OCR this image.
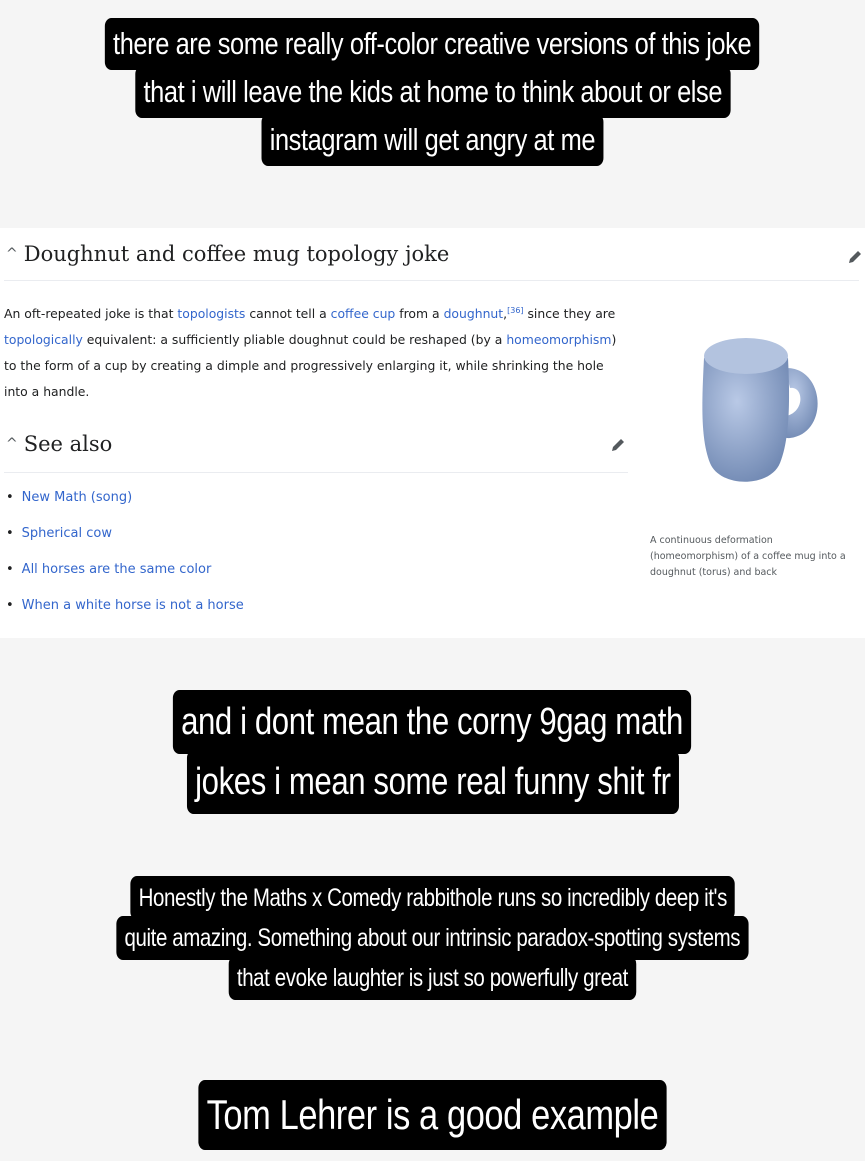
there are some really off-color creative versions of this joke
that i will leave the kids at home to think about or else
instagram will get angry at me
^ Doughnut and coffee mug topology joke
An oft-repeated joke is that topologists cannot tell a coffee cup from a doughnut,[36] since they are topologically equivalent: a sufficiently pliable doughnut could be reshaped (by a homeomorphism) to the form of a cup by creating a dimple and progressively enlarging it, while shrinking the hole into a handle.
^ See also
• New Math (song)
• Spherical cow
• All horses are the same color
• When a white horse is not a horse
A continuous deformation (homeomorphism) of a coffee mug into a doughnut (torus) and back
and i dont mean the corny 9gag math
jokes i mean some real funny shit fr
Honestly the Maths x Comedy rabbithole runs so incredibly deep it's
quite amazing. Something about our intrinsic paradox-spotting systems
that evoke laughter is just so powerfully great
Tom Lehrer is a good example
